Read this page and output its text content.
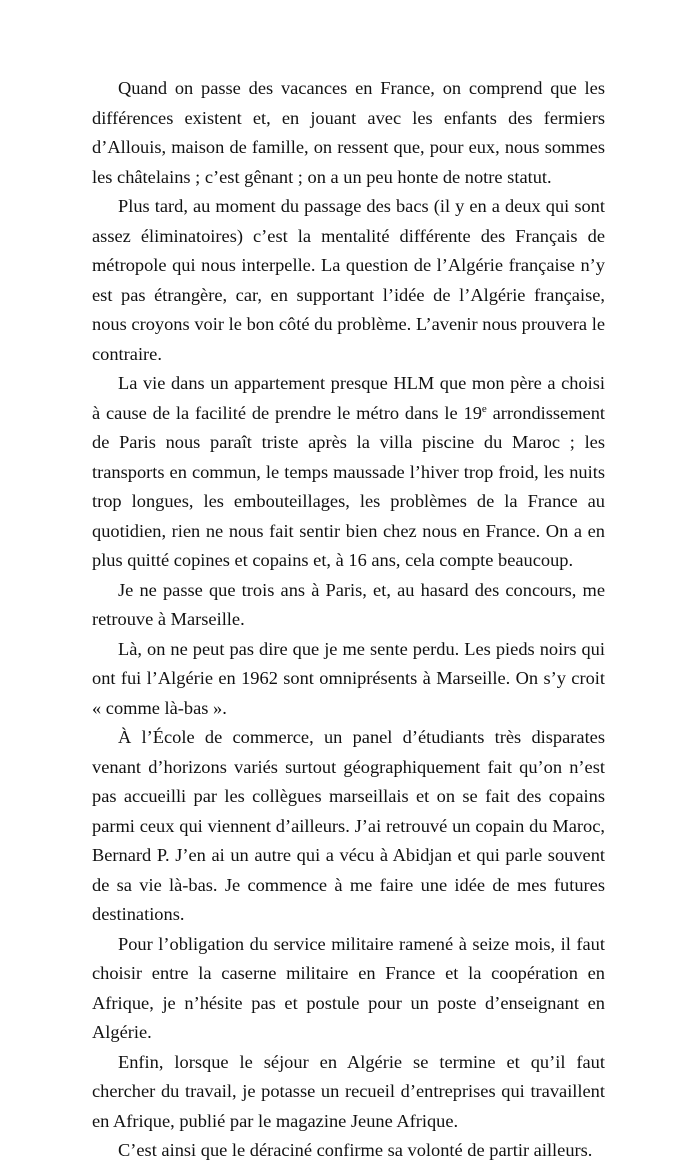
Quand on passe des vacances en France, on comprend que les différences existent et, en jouant avec les enfants des fermiers d’Allouis, maison de famille, on ressent que, pour eux, nous sommes les châtelains ; c’est gênant ; on a un peu honte de notre statut.

Plus tard, au moment du passage des bacs (il y en a deux qui sont assez éliminatoires) c’est la mentalité différente des Français de métropole qui nous interpelle. La question de l’Algérie française n’y est pas étrangère, car, en supportant l’idée de l’Algérie française, nous croyons voir le bon côté du problème. L’avenir nous prouvera le contraire.

La vie dans un appartement presque HLM que mon père a choisi à cause de la facilité de prendre le métro dans le 19e arrondissement de Paris nous paraît triste après la villa piscine du Maroc ; les transports en commun, le temps maussade l’hiver trop froid, les nuits trop longues, les embouteillages, les problèmes de la France au quotidien, rien ne nous fait sentir bien chez nous en France. On a en plus quitté copines et copains et, à 16 ans, cela compte beaucoup.

Je ne passe que trois ans à Paris, et, au hasard des concours, me retrouve à Marseille.

Là, on ne peut pas dire que je me sente perdu. Les pieds noirs qui ont fui l’Algérie en 1962 sont omniprésents à Marseille. On s’y croit « comme là-bas ».

À l’École de commerce, un panel d’étudiants très disparates venant d’horizons variés surtout géographiquement fait qu’on n’est pas accueilli par les collègues marseillais et on se fait des copains parmi ceux qui viennent d’ailleurs. J’ai retrouvé un copain du Maroc, Bernard P. J’en ai un autre qui a vécu à Abidjan et qui parle souvent de sa vie là-bas. Je commence à me faire une idée de mes futures destinations.

Pour l’obligation du service militaire ramené à seize mois, il faut choisir entre la caserne militaire en France et la coopération en Afrique, je n’hésite pas et postule pour un poste d’enseignant en Algérie.

Enfin, lorsque le séjour en Algérie se termine et qu’il faut chercher du travail, je potasse un recueil d’entreprises qui travaillent en Afrique, publié par le magazine Jeune Afrique.

C’est ainsi que le déraciné confirme sa volonté de partir ailleurs.
